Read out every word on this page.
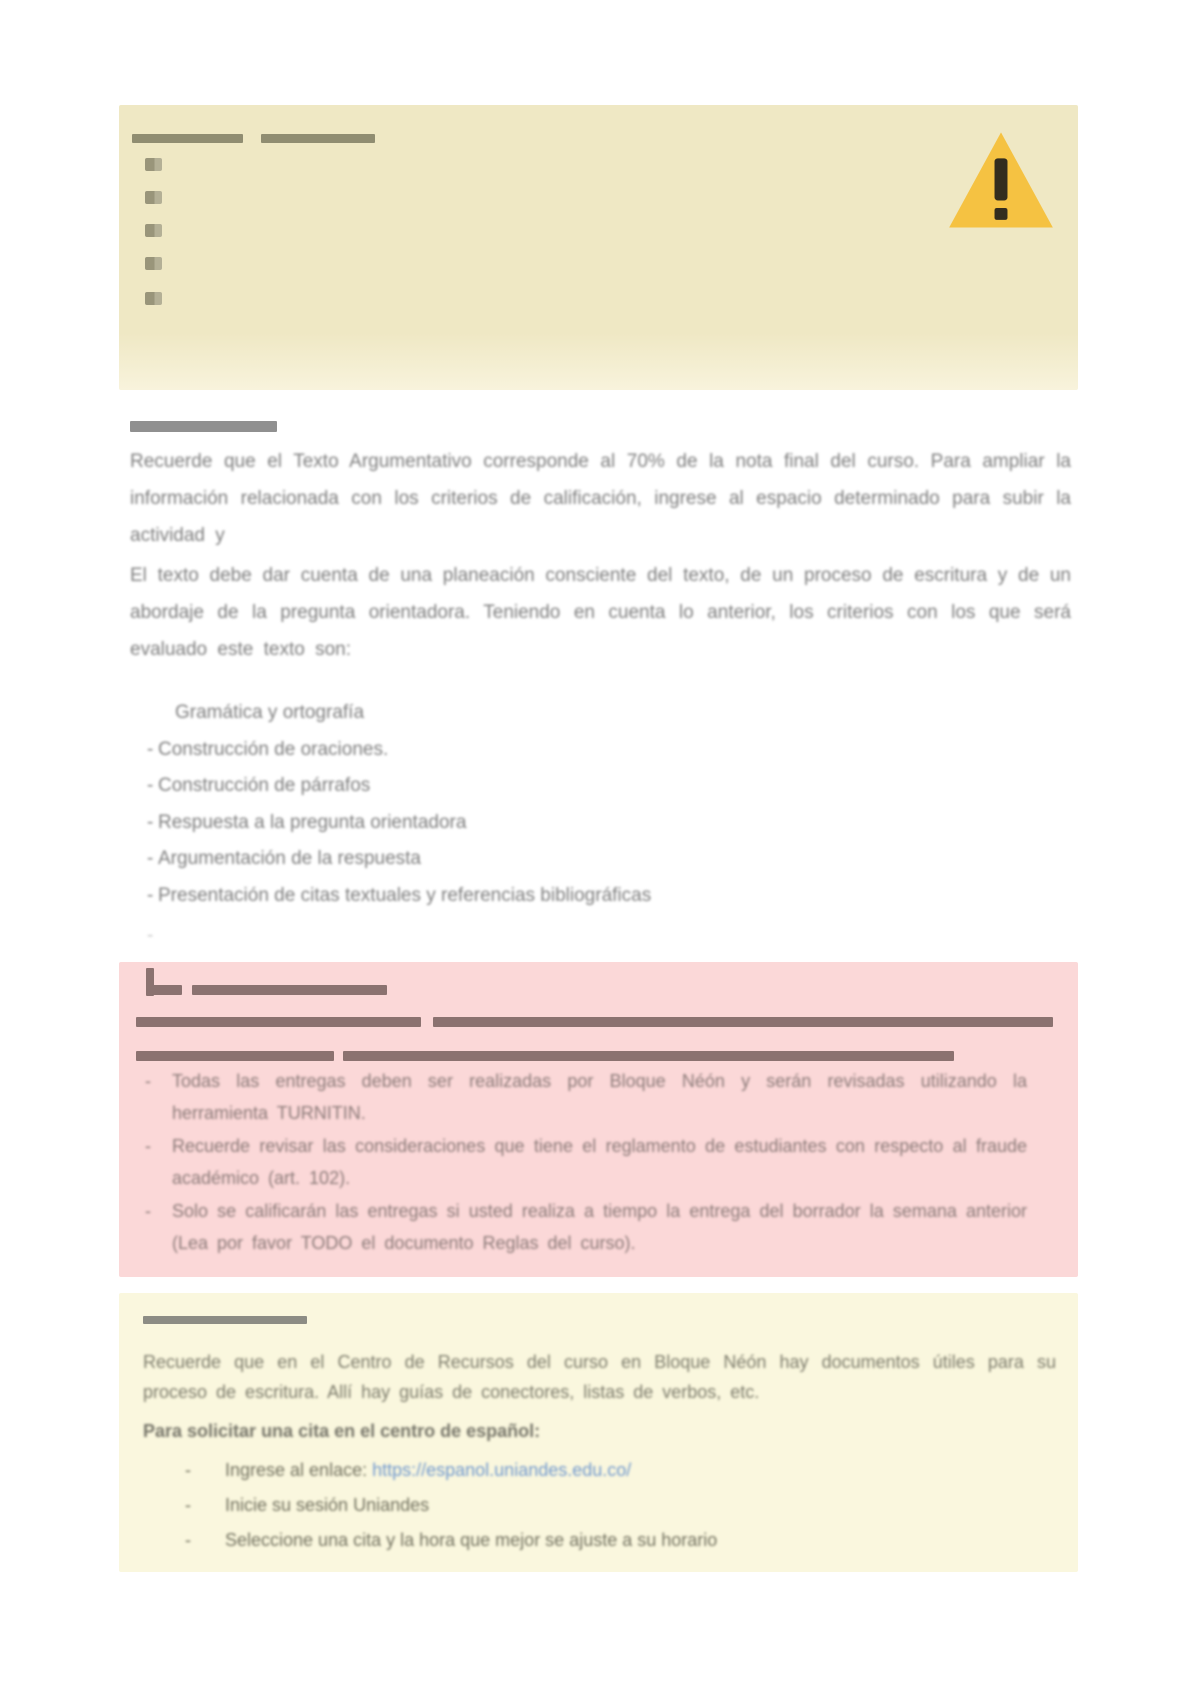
Recuerde que el Texto Argumentativo corresponde al 70% de la nota final del curso. Para ampliar la información relacionada con los criterios de calificación, ingrese al espacio determinado para subir la actividad y

El texto debe dar cuenta de una planeación consciente del texto, de un proceso de escritura y de un abordaje de la pregunta orientadora. Teniendo en cuenta lo anterior, los criterios con los que será evaluado este texto son:

Gramática y ortografía
- Construcción de oraciones.
- Construcción de párrafos
- Respuesta a la pregunta orientadora
- Argumentación de la respuesta
- Presentación de citas textuales y referencias bibliográficas
-
-	Todas las entregas deben ser realizadas por Bloque Néón y serán revisadas utilizando la herramienta TURNITIN.
-	Recuerde revisar las consideraciones que tiene el reglamento de estudiantes con respecto al fraude académico (art. 102).
-	Solo se calificarán las entregas si usted realiza a tiempo la entrega del borrador la semana anterior (Lea por favor TODO el documento Reglas del curso).

Recuerde que en el Centro de Recursos del curso en Bloque Néón hay documentos útiles para su proceso de escritura. Allí hay guías de conectores, listas de verbos, etc.

Para solicitar una cita en el centro de español:
-	Ingrese al enlace: https://espanol.uniandes.edu.co/
-	Inicie su sesión Uniandes
-	Seleccione una cita y la hora que mejor se ajuste a su horario
